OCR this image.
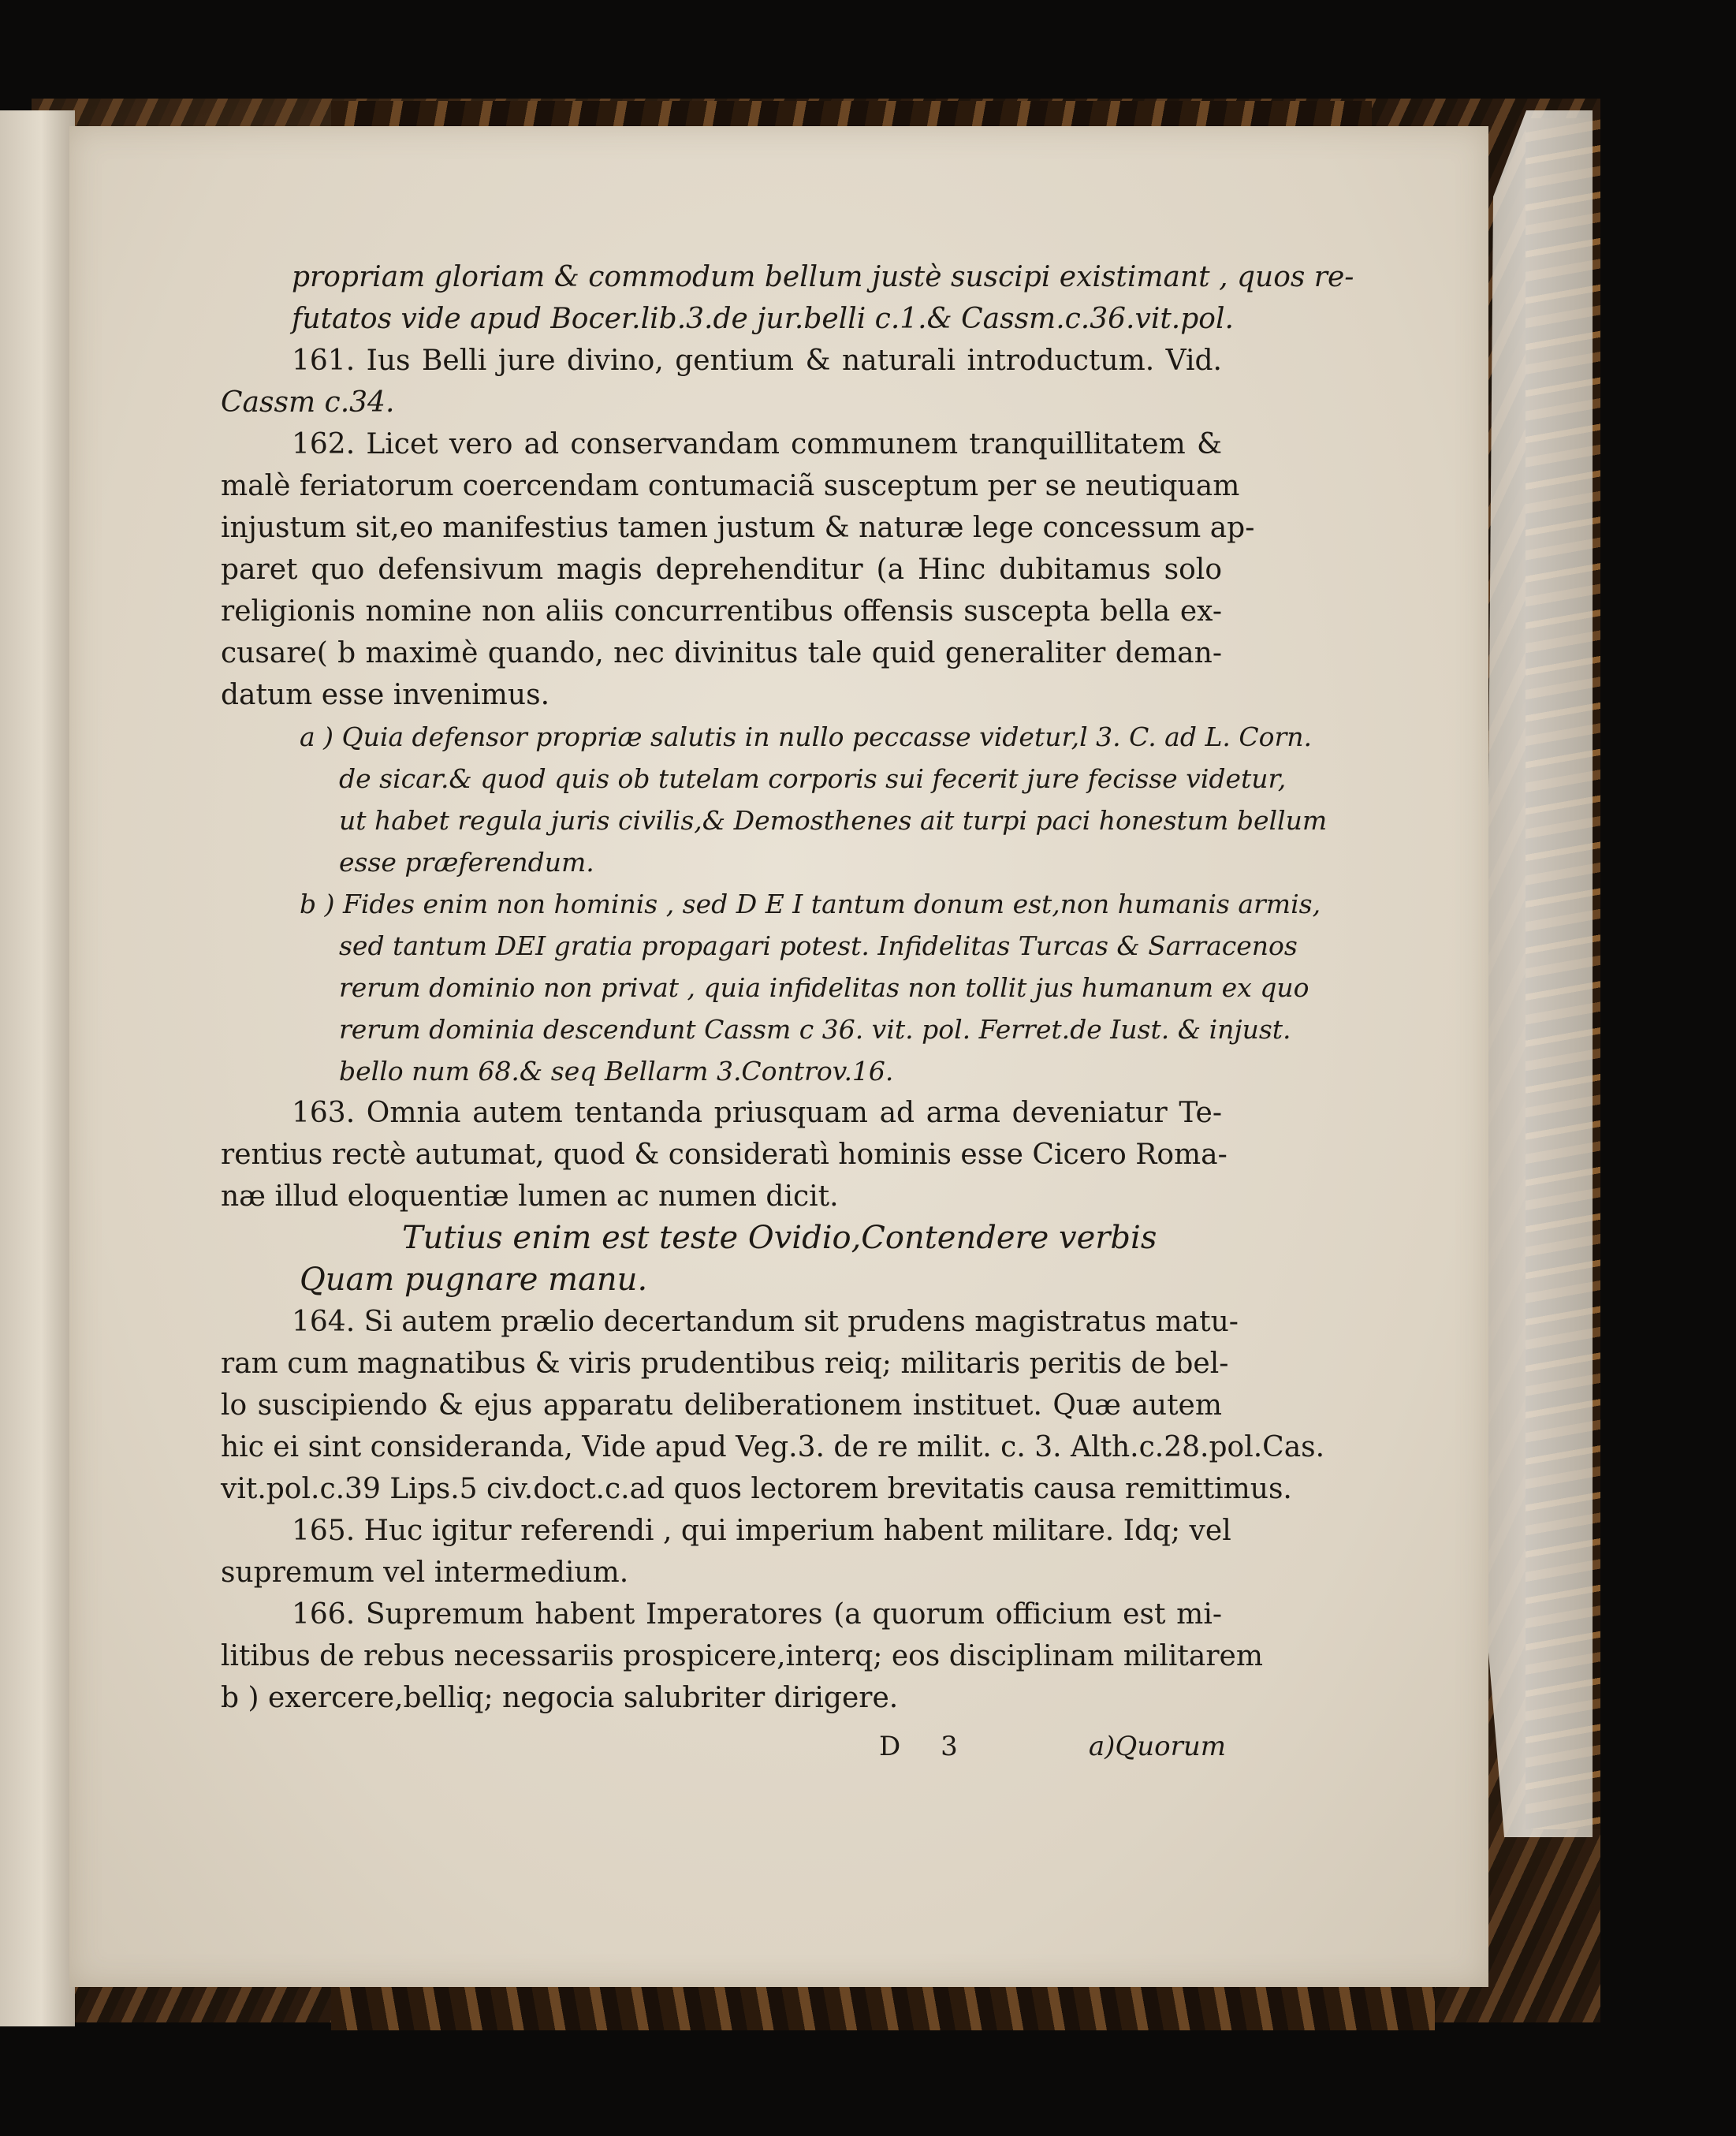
propriam gloriam & commodum bellum justè suscipi existimant , quos re-
futatos vide apud Bocer.lib.3.de jur.belli c.1.& Cassm.c.36.vit.pol.
161. Ius Belli jure divino, gentium & naturali introductum. Vid.
Cassm c.34.
162. Licet vero ad conservandam communem tranquillitatem &
malè feriatorum coercendam contumaciã susceptum per se neutiquam
injustum sit,eo manifestius tamen justum & naturæ lege concessum ap-
paret quo defensivum magis deprehenditur (a Hinc dubitamus solo
religionis nomine non aliis concurrentibus offensis suscepta bella ex-
cusare( b maximè quando, nec divinitus tale quid generaliter deman-
datum esse invenimus.
a ) Quia defensor propriæ salutis in nullo peccasse videtur,l 3. C. ad L. Corn.
de sicar.& quod quis ob tutelam corporis sui fecerit jure fecisse videtur,
ut habet regula juris civilis,& Demosthenes ait turpi paci honestum bellum
esse præferendum.
b ) Fides enim non hominis , sed D E I tantum donum est,non humanis armis,
sed tantum DEI gratia propagari potest. Infidelitas Turcas & Sarracenos
rerum dominio non privat , quia infidelitas non tollit jus humanum ex quo
rerum dominia descendunt Cassm c 36. vit. pol. Ferret.de Iust. & injust.
bello num 68.& seq Bellarm 3.Controv.16.
163. Omnia autem tentanda priusquam ad arma deveniatur Te-
rentius rectè autumat, quod & consideratì hominis esse Cicero Roma-
næ illud eloquentiæ lumen ac numen dicit.
Tutius enim est teste Ovidio,Contendere verbis
Quam pugnare manu.
164. Si autem prælio decertandum sit prudens magistratus matu-
ram cum magnatibus & viris prudentibus reiq; militaris peritis de bel-
lo suscipiendo & ejus apparatu deliberationem instituet. Quæ autem
hic ei sint consideranda, Vide apud Veg.3. de re milit. c. 3. Alth.c.28.pol.Cas.
vit.pol.c.39 Lips.5 civ.doct.c.ad quos lectorem brevitatis causa remittimus.
165. Huc igitur referendi , qui imperium habent militare. Idq; vel
supremum vel intermedium.
166. Supremum habent Imperatores (a quorum officium est mi-
litibus de rebus necessariis prospicere,interq; eos disciplinam militarem
b ) exercere,belliq; negocia salubriter dirigere.
D 3	a)Quorum
